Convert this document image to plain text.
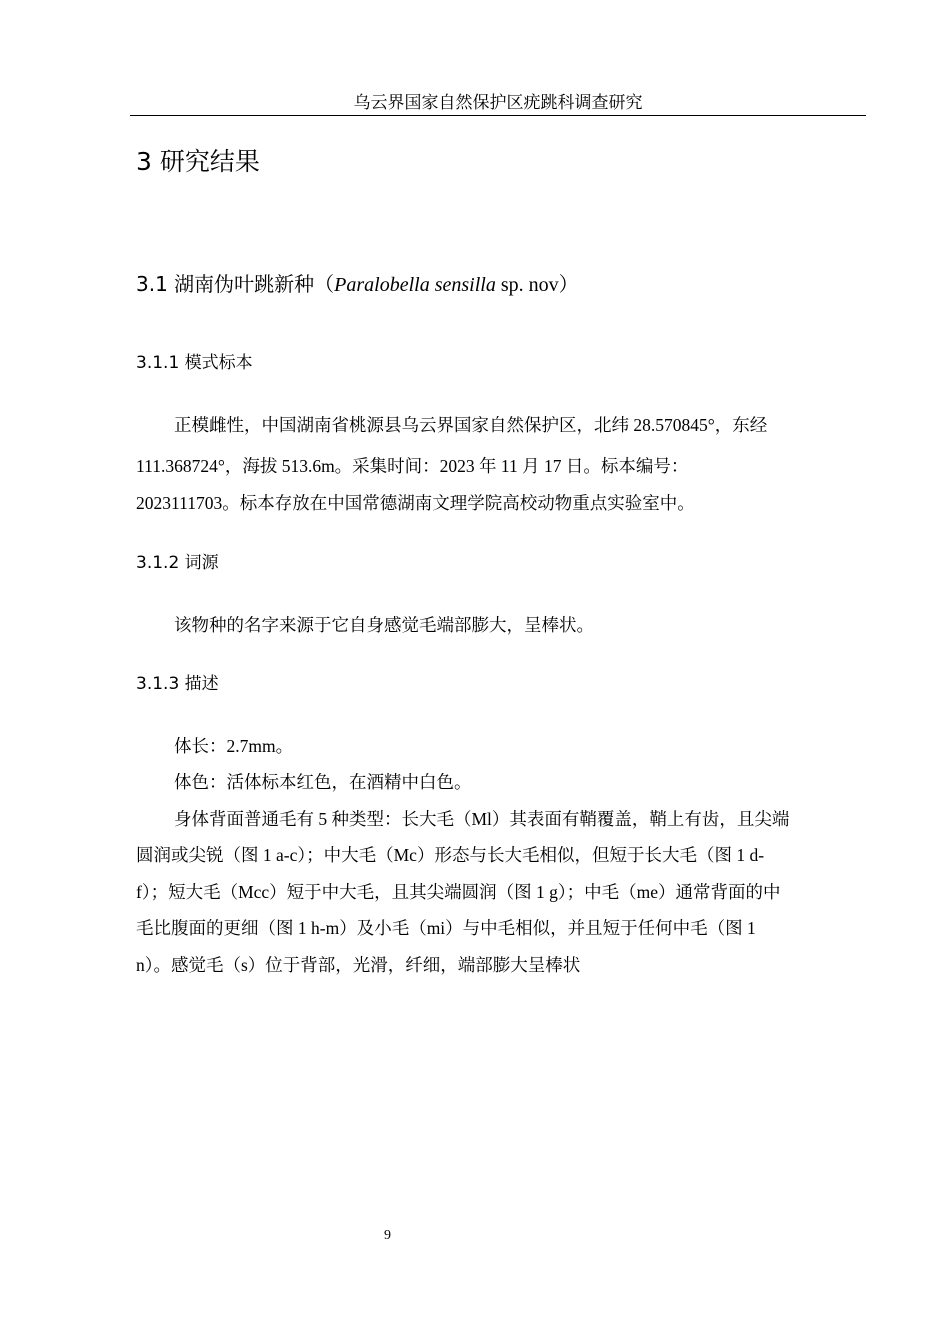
乌云界国家自然保护区疣跳科调查研究
3 研究结果
3.1 湖南伪叶跳新种（Paralobella sensilla sp. nov）
3.1.1 模式标本
正模雌性，中国湖南省桃源县乌云界国家自然保护区，北纬 28.570845°，东经
111.368724°，海拔 513.6m。采集时间：2023 年 11 月 17 日。标本编号：
2023111703。标本存放在中国常德湖南文理学院高校动物重点实验室中。
3.1.2 词源
该物种的名字来源于它自身感觉毛端部膨大，呈棒状。
3.1.3 描述
体长：2.7mm。
体色：活体标本红色，在酒精中白色。
身体背面普通毛有 5 种类型：长大毛（Ml）其表面有鞘覆盖，鞘上有齿，且尖端
圆润或尖锐（图 1 a-c）；中大毛（Mc）形态与长大毛相似，但短于长大毛（图 1 d-
f）；短大毛（Mcc）短于中大毛，且其尖端圆润（图 1 g）；中毛（me）通常背面的中
毛比腹面的更细（图 1 h-m）及小毛（mi）与中毛相似，并且短于任何中毛（图 1
n）。感觉毛（s）位于背部，光滑，纤细，端部膨大呈棒状
9
